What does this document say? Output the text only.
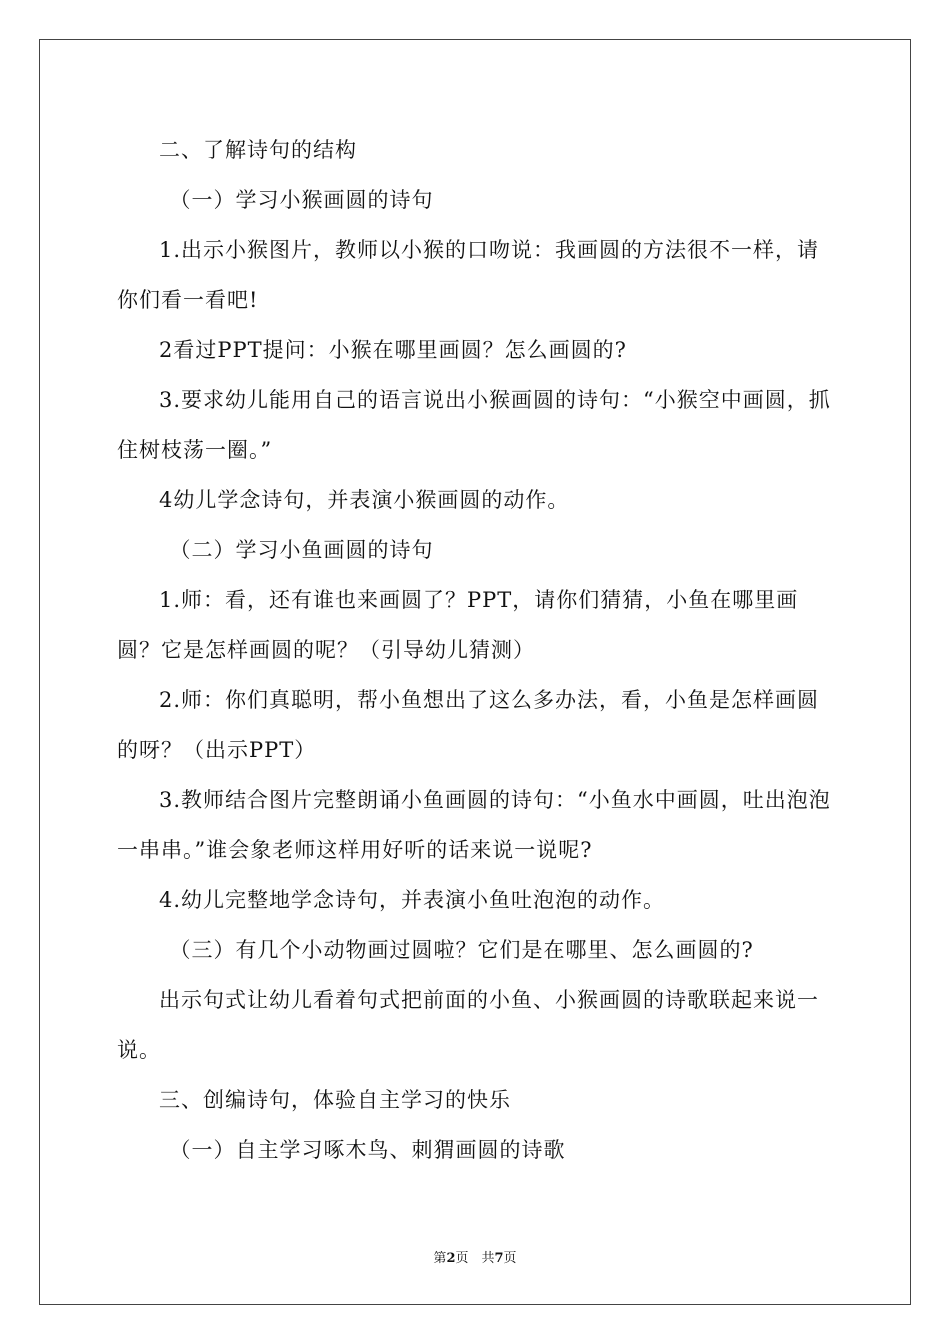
二、了解诗句的结构

（一）学习小猴画圆的诗句

1.出示小猴图片，教师以小猴的口吻说：我画圆的方法很不一样，请你们看一看吧!

2看过PPT提问：小猴在哪里画圆？怎么画圆的?

3.要求幼儿能用自己的语言说出小猴画圆的诗句：“小猴空中画圆，抓住树枝荡一圈。”

4幼儿学念诗句，并表演小猴画圆的动作。

（二）学习小鱼画圆的诗句

1.师：看，还有谁也来画圆了？PPT，请你们猜猜，小鱼在哪里画圆？它是怎样画圆的呢？（引导幼儿猜测）

2.师：你们真聪明，帮小鱼想出了这么多办法，看，小鱼是怎样画圆的呀？（出示PPT）

3.教师结合图片完整朗诵小鱼画圆的诗句：“小鱼水中画圆，吐出泡泡一串串。”谁会象老师这样用好听的话来说一说呢?

4.幼儿完整地学念诗句，并表演小鱼吐泡泡的动作。

（三）有几个小动物画过圆啦？它们是在哪里、怎么画圆的?

出示句式让幼儿看着句式把前面的小鱼、小猴画圆的诗歌联起来说一说。

三、创编诗句，体验自主学习的快乐

（一）自主学习啄木鸟、刺猬画圆的诗歌

第2页　共7页
